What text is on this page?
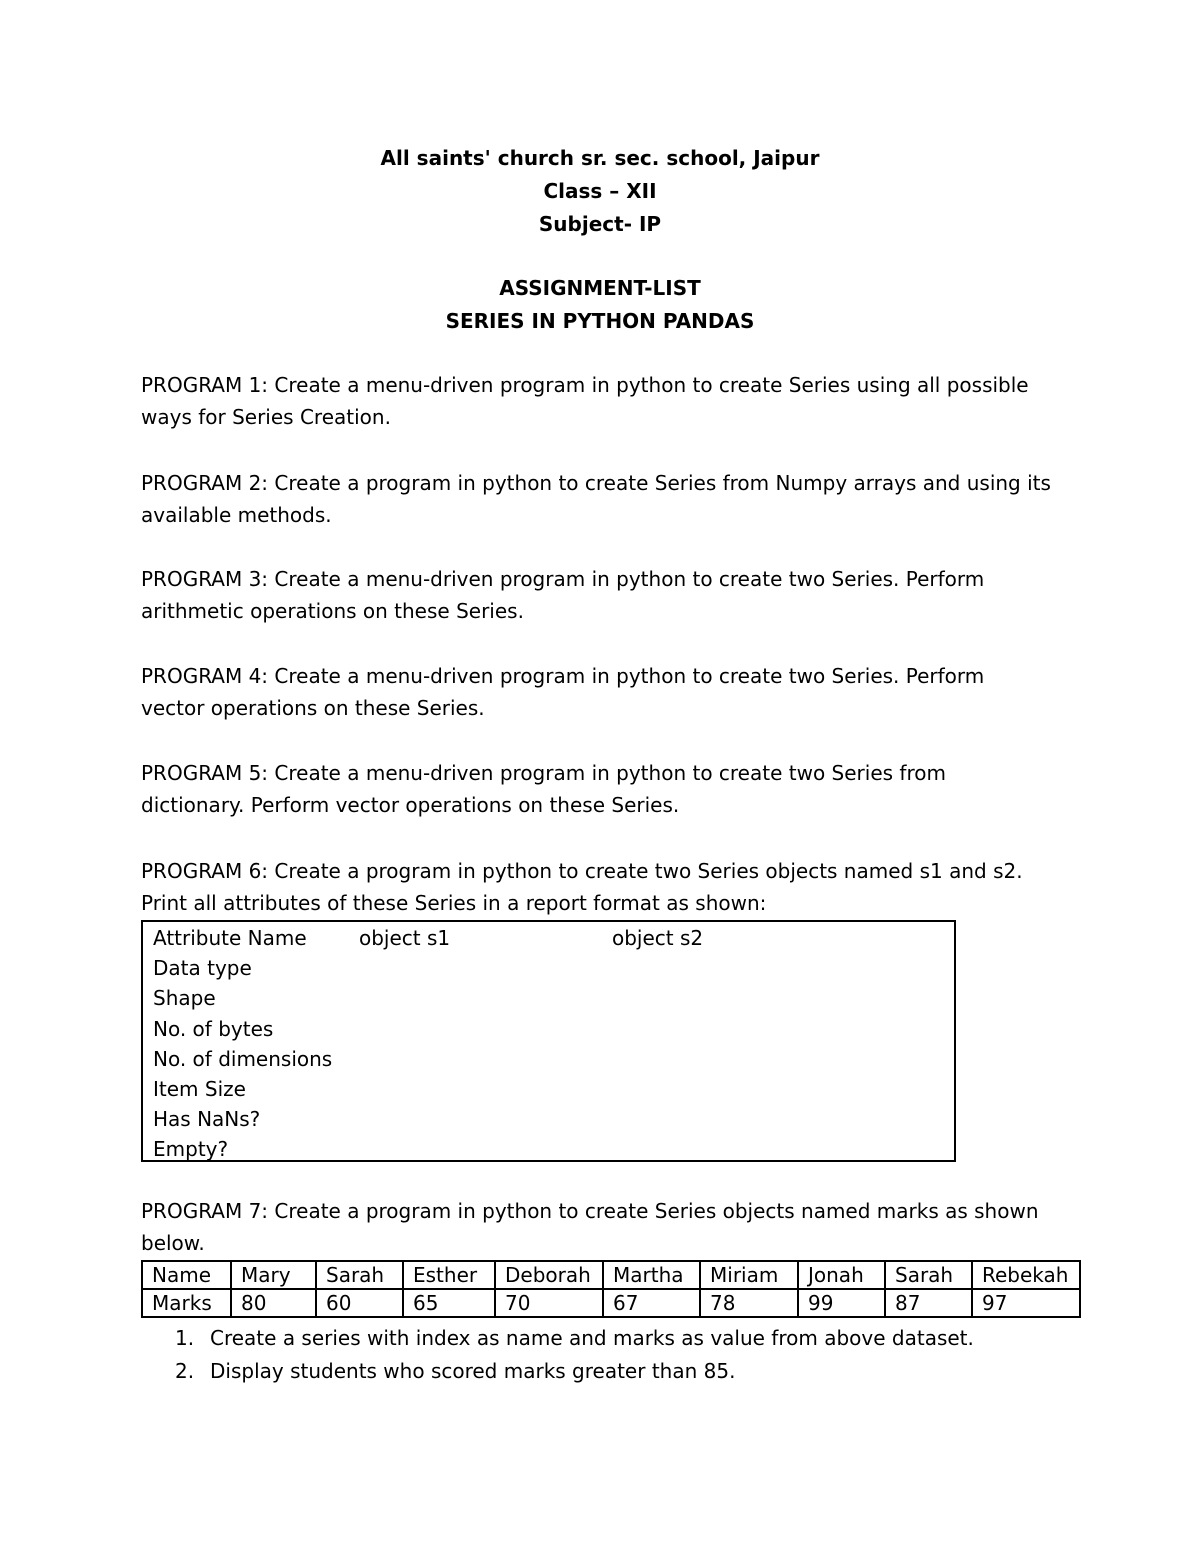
All saints' church sr. sec. school, Jaipur
Class – XII
Subject- IP
ASSIGNMENT-LIST
SERIES IN PYTHON PANDAS
PROGRAM 1: Create a menu-driven program in python to create Series using all possible
ways for Series Creation.
PROGRAM 2: Create a program in python to create Series from Numpy arrays and using its
available methods.
PROGRAM 3: Create a menu-driven program in python to create two Series. Perform
arithmetic operations on these Series.
PROGRAM 4: Create a menu-driven program in python to create two Series. Perform
vector operations on these Series.
PROGRAM 5: Create a menu-driven program in python to create two Series from
dictionary. Perform vector operations on these Series.
PROGRAM 6: Create a program in python to create two Series objects named s1 and s2.
Print all attributes of these Series in a report format as shown:
Attribute Name	object s1	object s2
Data type
Shape
No. of bytes
No. of dimensions
Item Size
Has NaNs?
Empty?
PROGRAM 7: Create a program in python to create Series objects named marks as shown
below.
Name	Mary	Sarah	Esther	Deborah	Martha	Miriam	Jonah	Sarah	Rebekah
Marks	80	60	65	70	67	78	99	87	97
1. Create a series with index as name and marks as value from above dataset.
2. Display students who scored marks greater than 85.
